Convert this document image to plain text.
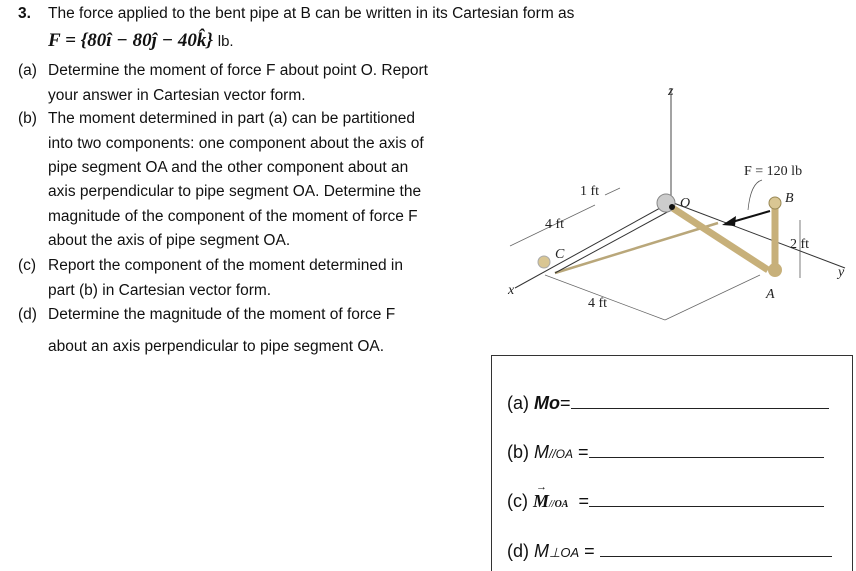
3. The force applied to the bent pipe at B can be written in its Cartesian form as
F = {80î − 80ĵ − 40k̂} lb.
(a) Determine the moment of force F about point O. Report
your answer in Cartesian vector form.
(b) The moment determined in part (a) can be partitioned
into two components: one component about the axis of
pipe segment OA and the other component about an
axis perpendicular to pipe segment OA. Determine the
magnitude of the component of the moment of force F
about the axis of pipe segment OA.
(c) Report the component of the moment determined in
part (b) in Cartesian vector form.
(d) Determine the magnitude of the moment of force F
about an axis perpendicular to pipe segment OA.
z
x
y
O
A
B
C
F = 120 lb
1 ft
4 ft
4 ft
2 ft
(a) Mo=
(b) M//OA =
(c) M
→
//OA =
(d) M⊥OA =
